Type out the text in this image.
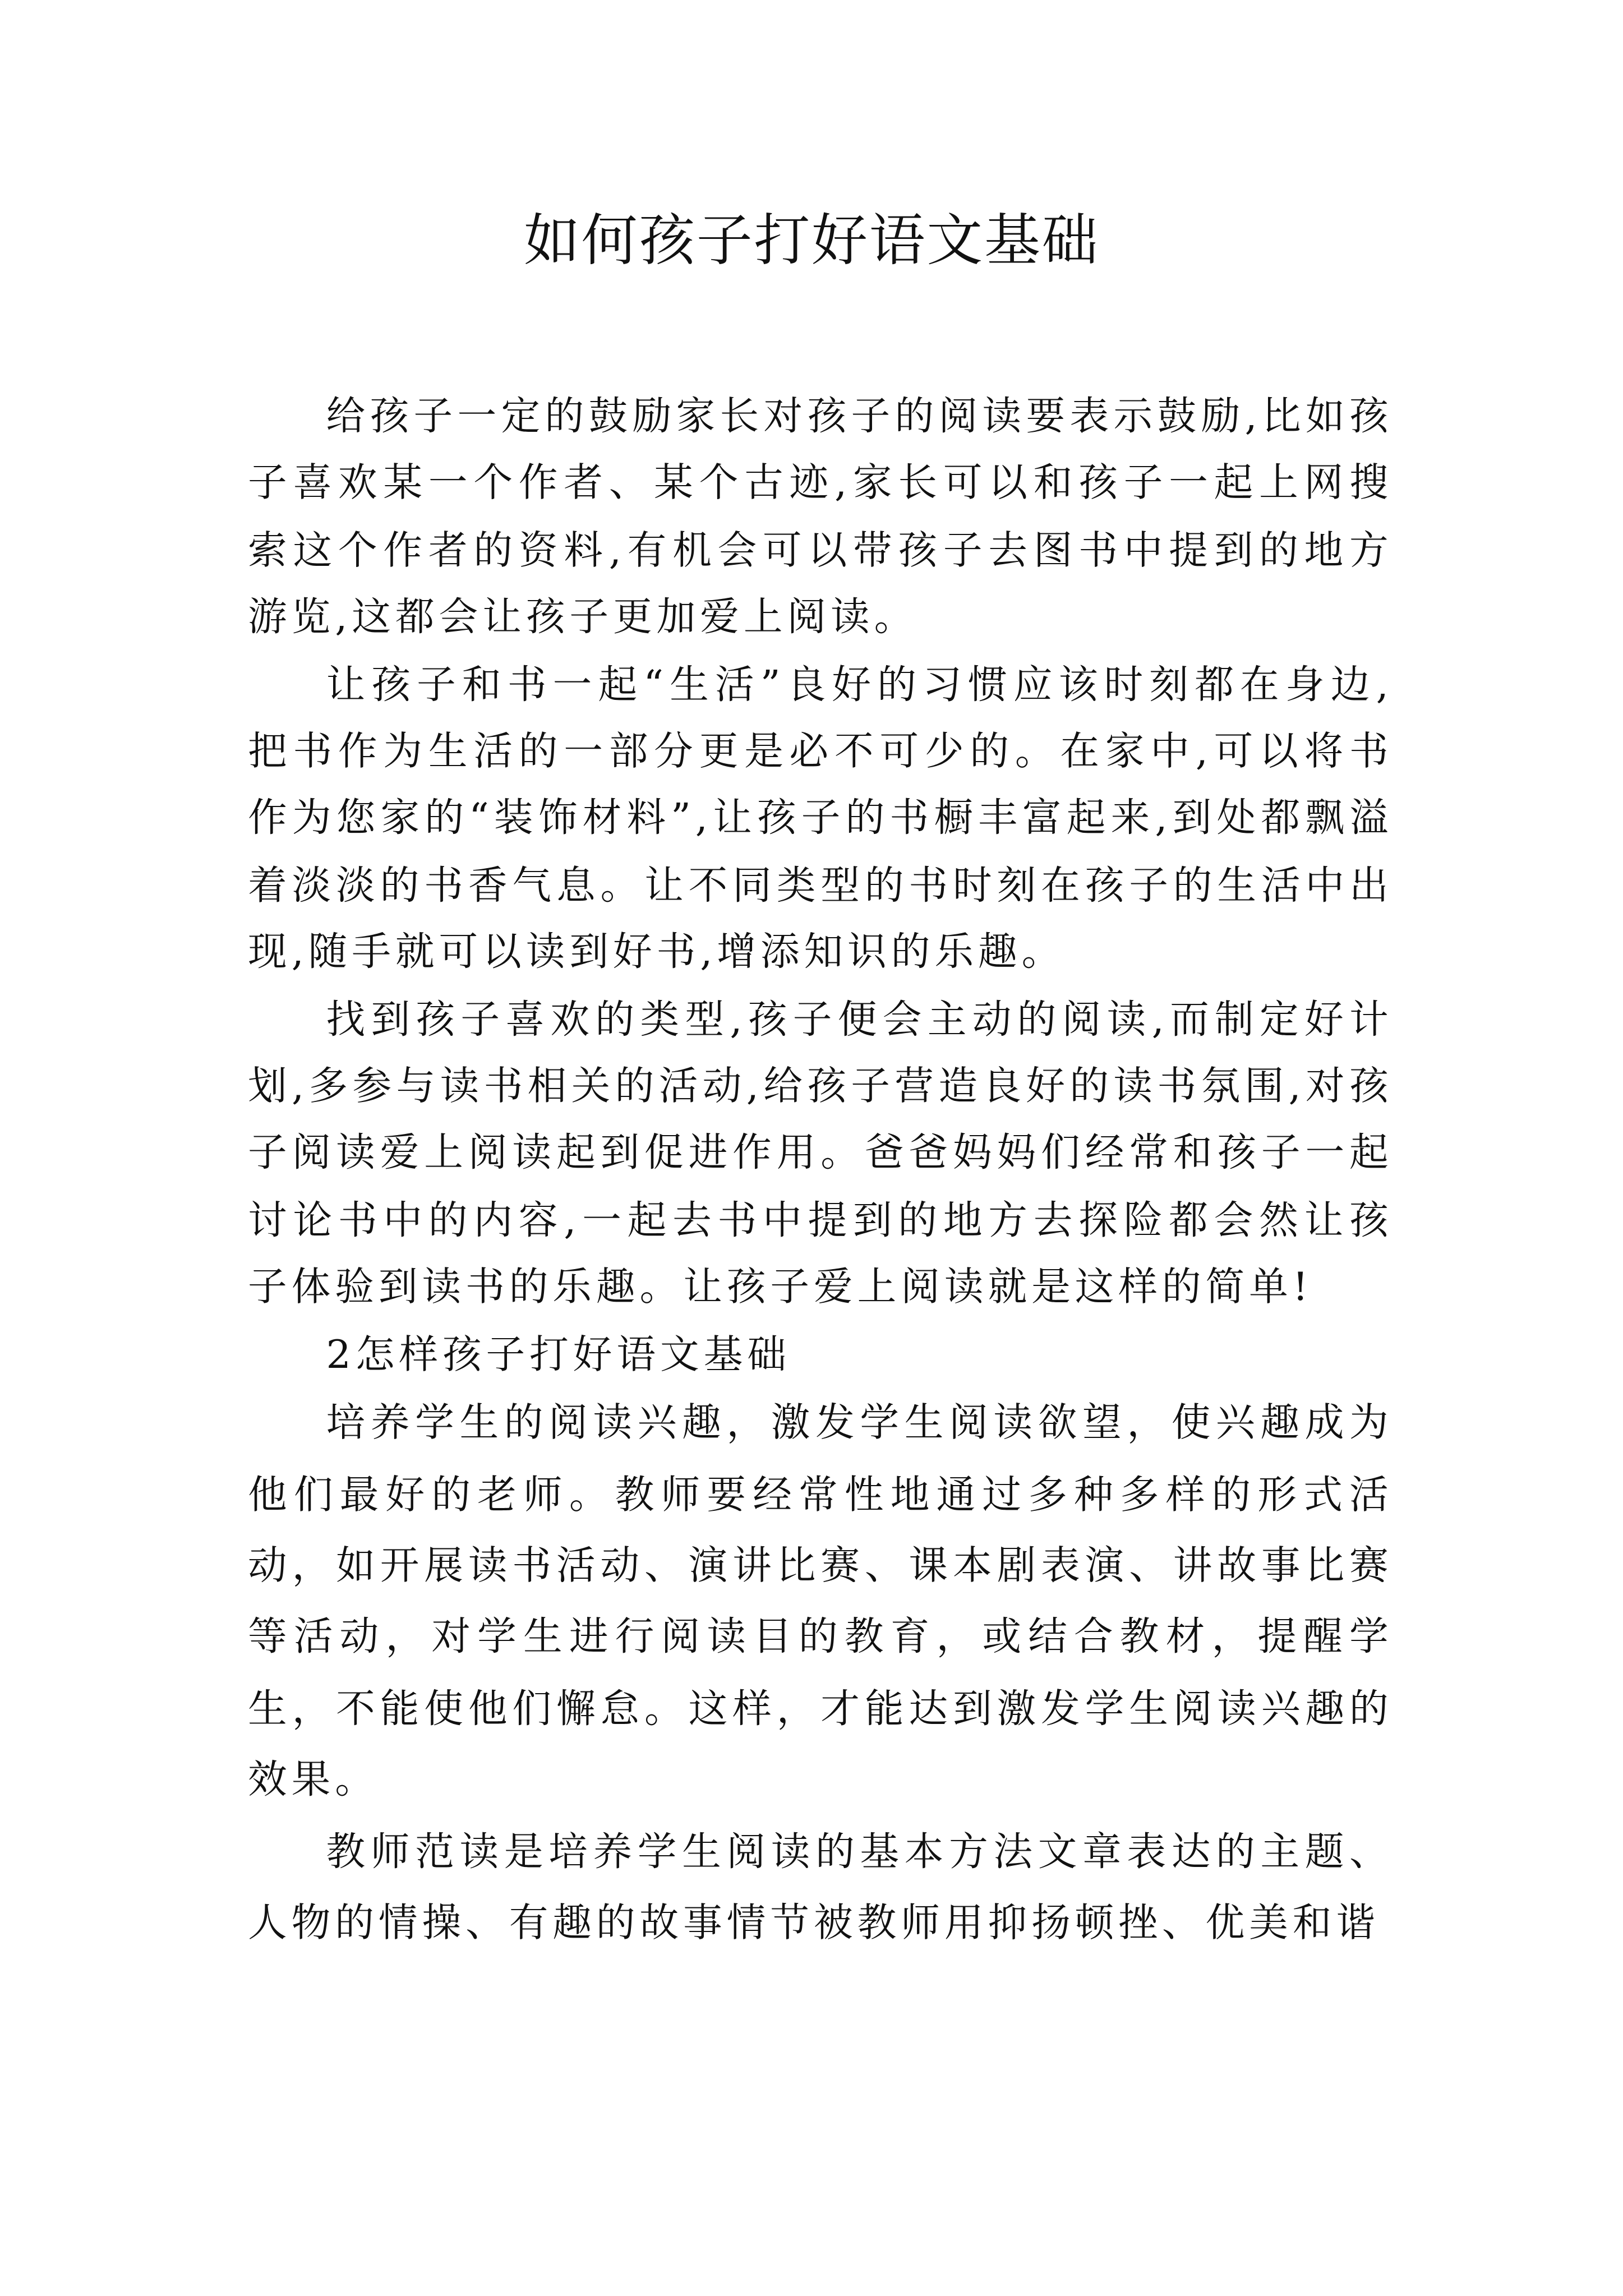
如何孩子打好语文基础

给孩子一定的鼓励家长对孩子的阅读要表示鼓励,比如孩子喜欢某一个作者、某个古迹,家长可以和孩子一起上网搜索这个作者的资料,有机会可以带孩子去图书中提到的地方游览,这都会让孩子更加爱上阅读。

让孩子和书一起“生活”良好的习惯应该时刻都在身边,把书作为生活的一部分更是必不可少的。在家中,可以将书作为您家的“装饰材料”,让孩子的书橱丰富起来,到处都飘溢着淡淡的书香气息。让不同类型的书时刻在孩子的生活中出现,随手就可以读到好书,增添知识的乐趣。

找到孩子喜欢的类型,孩子便会主动的阅读,而制定好计划,多参与读书相关的活动,给孩子营造良好的读书氛围,对孩子阅读爱上阅读起到促进作用。爸爸妈妈们经常和孩子一起讨论书中的内容,一起去书中提到的地方去探险都会然让孩子体验到读书的乐趣。让孩子爱上阅读就是这样的简单!

2怎样孩子打好语文基础

培养学生的阅读兴趣，激发学生阅读欲望，使兴趣成为他们最好的老师。教师要经常性地通过多种多样的形式活动，如开展读书活动、演讲比赛、课本剧表演、讲故事比赛等活动，对学生进行阅读目的教育，或结合教材，提醒学生，不能使他们懈怠。这样，才能达到激发学生阅读兴趣的效果。

教师范读是培养学生阅读的基本方法文章表达的主题、人物的情操、有趣的故事情节被教师用抑扬顿挫、优美和谐
